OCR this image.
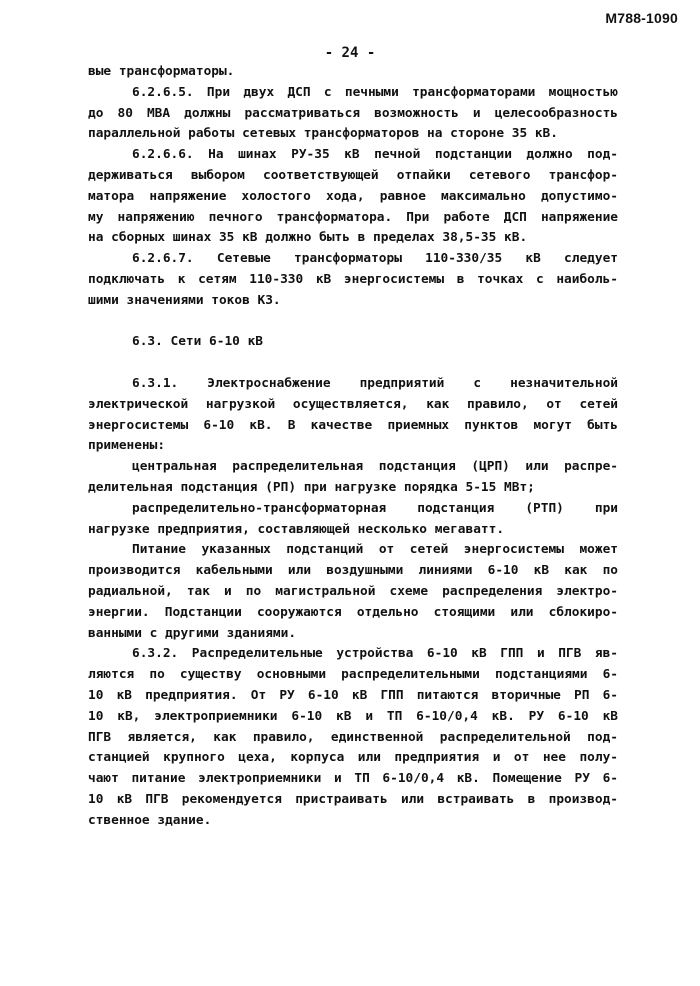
M788-1090
- 24 -
вые трансформаторы.
6.2.6.5. При двух ДСП с печными трансформаторами мощностью
до 80 МВА должны рассматриваться возможность и целесообразность
параллельной работы сетевых трансформаторов на стороне 35 кВ.
6.2.6.6. На шинах РУ-35 кВ печной подстанции должно под-
держиваться выбором соответствующей отпайки сетевого трансфор-
матора напряжение холостого хода, равное максимально допустимо-
му напряжению печного трансформатора. При работе ДСП напряжение
на сборных шинах 35 кВ должно быть в пределах 38,5-35 кВ.
6.2.6.7. Сетевые трансформаторы 110-330/35 кВ следует
подключать к сетям 110-330 кВ энергосистемы в точках с наиболь-
шими значениями токов КЗ.
6.3. Сети 6-10 кВ
6.3.1. Электроснабжение предприятий с незначительной
электрической нагрузкой осуществляется, как правило, от сетей
энергосистемы 6-10 кВ. В качестве приемных пунктов могут быть
применены:
центральная распределительная подстанция (ЦРП) или распре-
делительная подстанция (РП) при нагрузке порядка 5-15 МВт;
распределительно-трансформаторная подстанция (РТП) при
нагрузке предприятия, составляющей несколько мегаватт.
Питание указанных подстанций от сетей энергосистемы может
производится кабельными или воздушными линиями 6-10 кВ как по
радиальной, так и по магистральной схеме распределения электро-
энергии. Подстанции сооружаются отдельно стоящими или сблокиро-
ванными с другими зданиями.
6.3.2. Распределительные устройства 6-10 кВ ГПП и ПГВ яв-
ляются по существу основными распределительными подстанциями 6-
10 кВ предприятия. От РУ 6-10 кВ ГПП питаются вторичные РП 6-
10 кВ, электроприемники 6-10 кВ и ТП 6-10/0,4 кВ. РУ 6-10 кВ
ПГВ является, как правило, единственной распределительной под-
станцией крупного цеха, корпуса или предприятия и от нее полу-
чают питание электроприемники и ТП 6-10/0,4 кВ. Помещение РУ 6-
10 кВ ПГВ рекомендуется пристраивать или встраивать в производ-
ственное здание.
